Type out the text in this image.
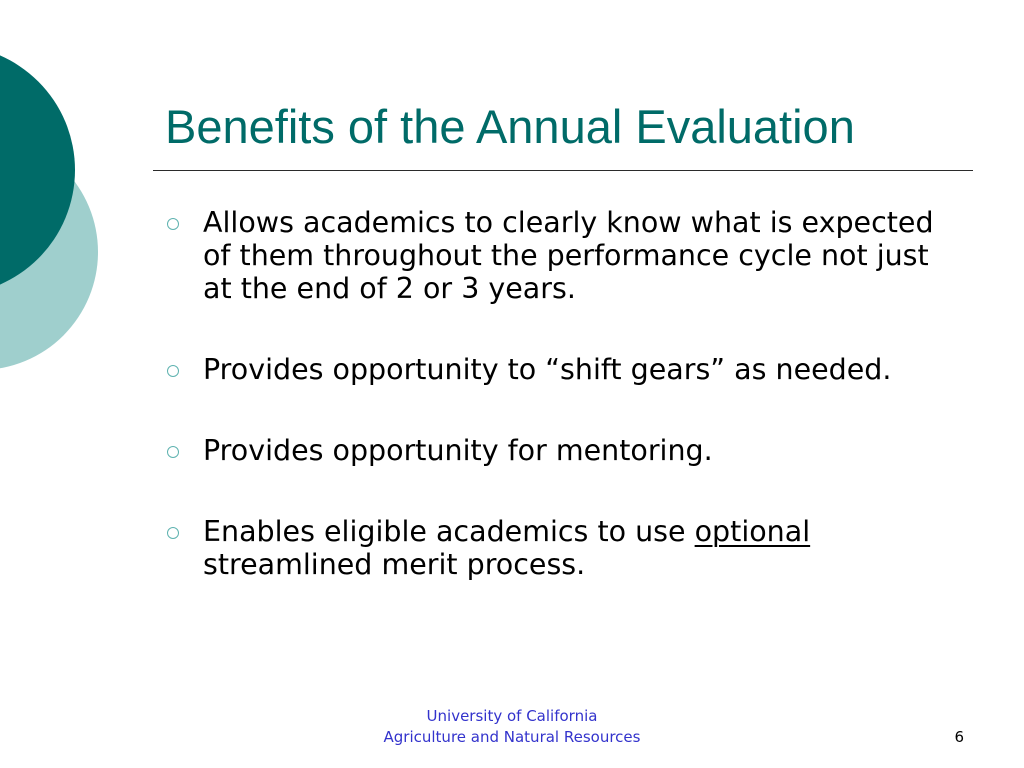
Benefits of the Annual Evaluation
Allows academics to clearly know what is expected of them throughout the performance cycle not just at the end of 2 or 3 years.
Provides opportunity to “shift gears” as needed.
Provides opportunity for mentoring.
Enables eligible academics to use optional streamlined merit process.
University of California
Agriculture and Natural Resources	6
